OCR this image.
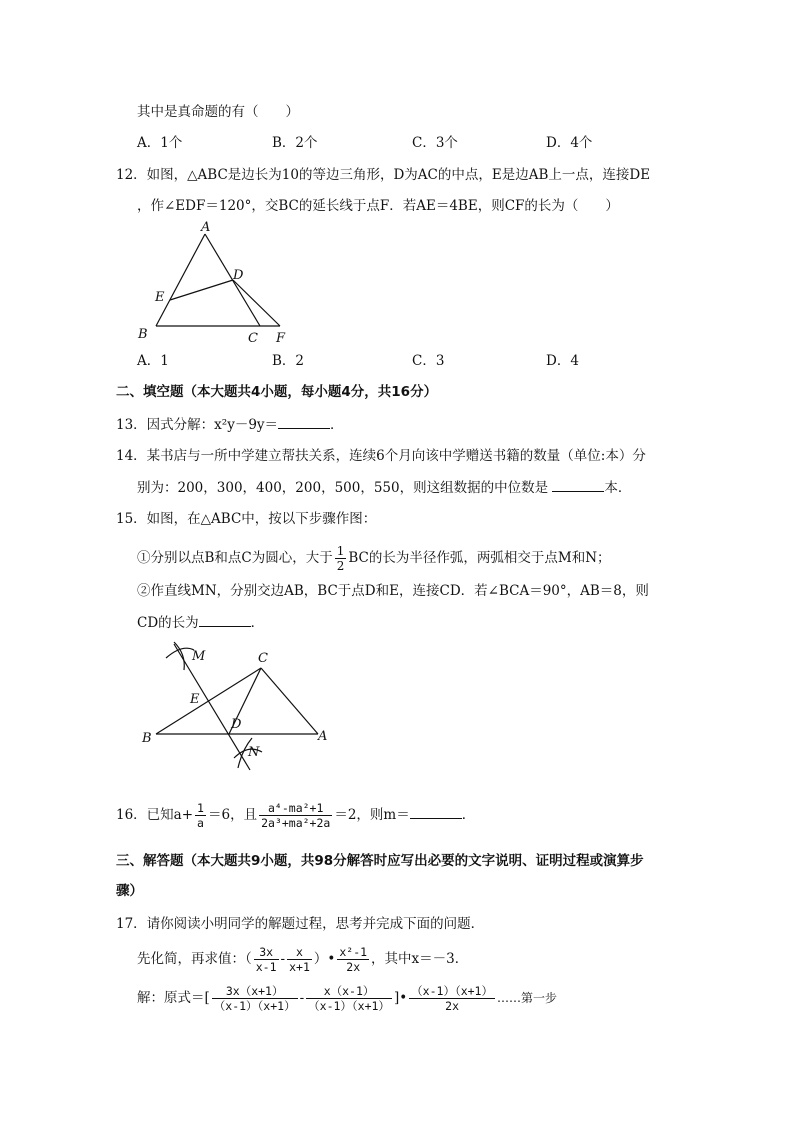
其中是真命题的有（　　）
A．1个	B．2个	C．3个	D．4个
12．如图，△ABC是边长为10的等边三角形，D为AC的中点，E是边AB上一点，连接DE
，作∠EDF＝120°，交BC的延长线于点F．若AE＝4BE，则CF的长为（　　）
A
D
E
B	C F
A．1	B．2	C．3	D．4
二、填空题（本大题共4小题，每小题4分，共16分）
13．因式分解：x²y－9y＝	．
14．某书店与一所中学建立帮扶关系，连续6个月向该中学赠送书籍的数量（单位:本）分
别为：200，300，400，200，500，550，则这组数据的中位数是	本．
15．如图，在△ABC中，按以下步骤作图：
①分别以点B和点C为圆心，大于 $\frac{1}{2}$ BC的长为半径作弧，两弧相交于点M和N；
②作直线MN，分别交边AB，BC于点D和E，连接CD．若∠BCA＝90°，AB＝8，则
CD的长为	．
M	C
E
D
B	A
N
16．已知$a+ \frac{1}{a} =6$，且 $\frac{\text{a⁴-ma²+1}}{\text{2a³+ma²+2a}} =2$，则m＝	．
三、解答题（本大题共9小题，共98分解答时应写出必要的文字说明、证明过程或演算步
骤）
17．请你阅读小明同学的解题过程，思考并完成下面的问题．
先化简，再求值：（ $\frac{3x}{x-1} - \frac{x}{x+1}$ ）• $\frac{\text{x²-1}}{2x}$ ，其中x＝－3．
解：原式＝[ $\frac{3x(x+1)}{(x-1)(x+1)} - \frac{x(x-1)}{(x-1)(x+1)}$ ]• $\frac{(x-1)(x+1)}{2x}$ ……第一步
